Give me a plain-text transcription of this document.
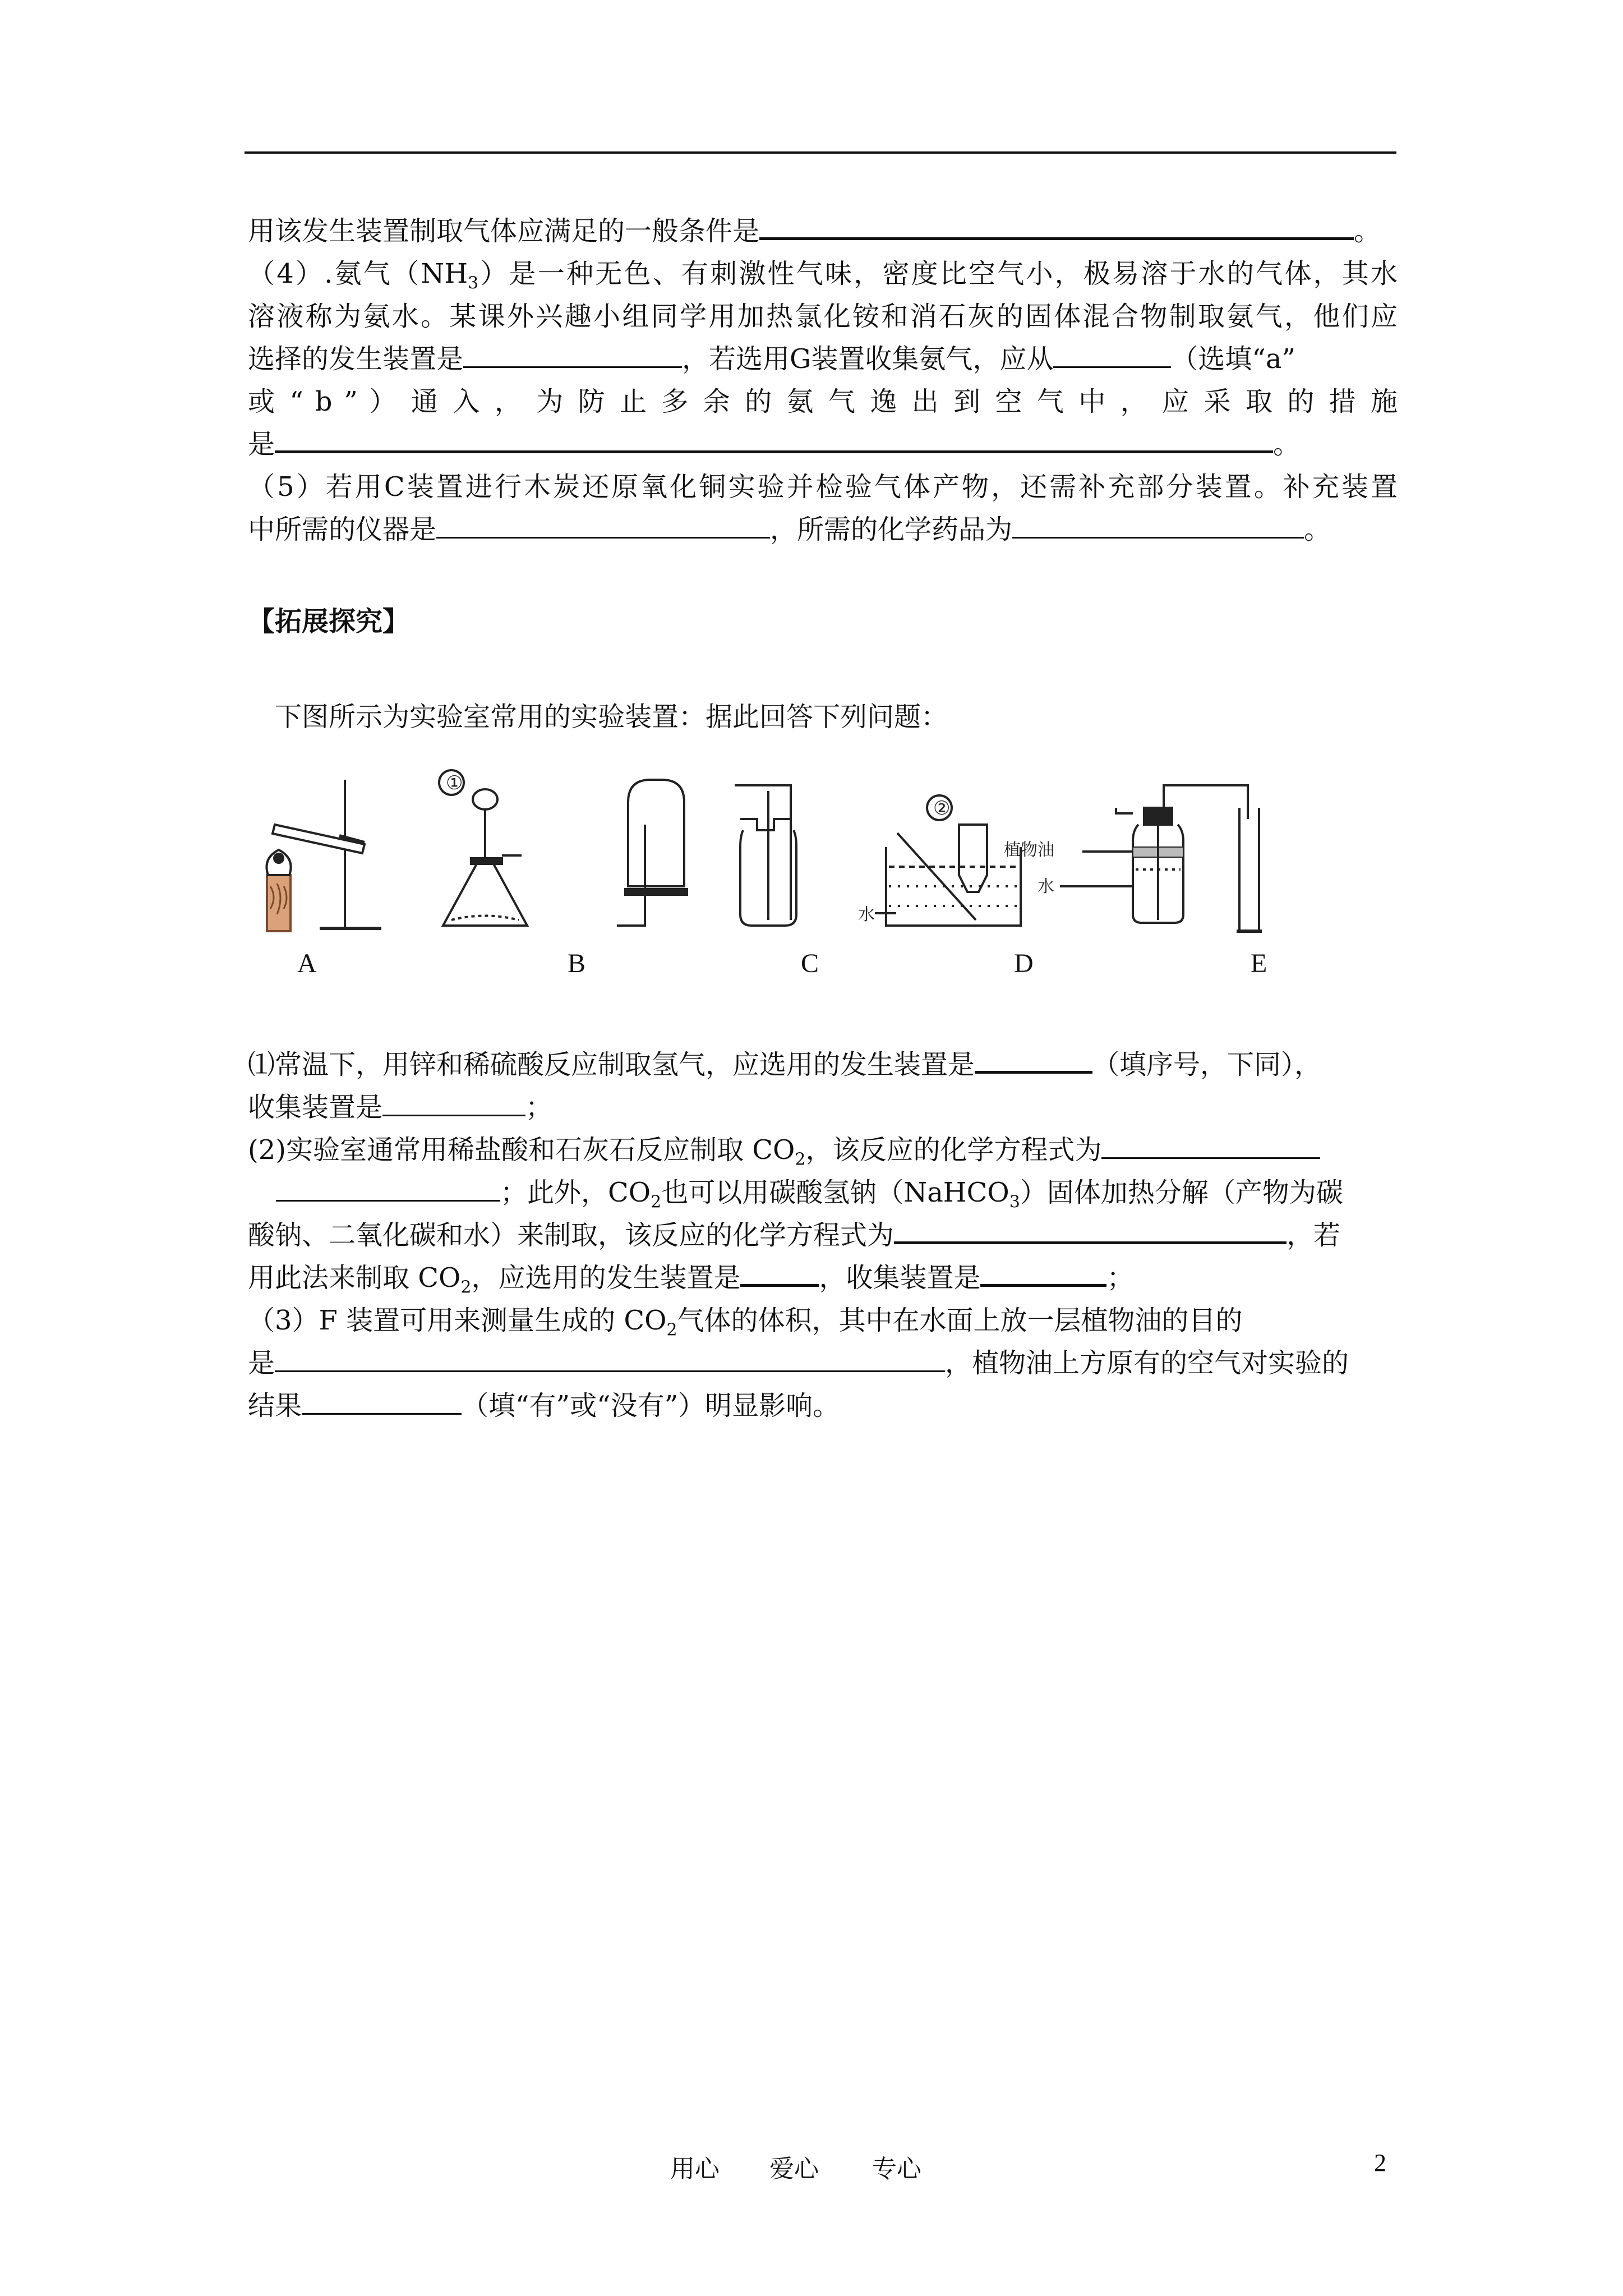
用该发生装置制取气体应满足的一般条件是	。
（4）.氨气$(NH_3)$是一种无色、有刺激性气味，密度比空气小，极易溶于水的气体，其水
溶液称为氨水。某课外兴趣小组同学用加热氯化铵和消石灰的固体混合物制取氨气，他们应
选择的发生装置是	，若选用G装置收集氨气，应从	（选填“a”
或 “ b ” ） 通 入 ， 为 防 止 多 余 的 氨 气 逸 出 到 空 气 中 ， 应 采 取 的 措 施
是	。
（5）若用C装置进行木炭还原氧化铜实验并检验气体产物，还需补充部分装置。补充装置
中所需的仪器是	，所需的化学药品为	。
【拓展探究】
下图所示为实验室常用的实验装置：据此回答下列问题：
①
②
水
植物油
水
A	B	C	D	E
⑴常温下，用锌和稀硫酸反应制取氢气，应选用的发生装置是	（填序号，下同），
收集装置是	；
(2)实验室通常用稀盐酸和石灰石反应制取 $CO_2$，该反应的化学方程式为
；此外，$CO_2$也可以用碳酸氢钠（NaHCO$_3$）固体加热分解（产物为碳
酸钠、二氧化碳和水）来制取，该反应的化学方程式为	，若
用此法来制取 $CO_2$，应选用的发生装置是	，收集装置是	；
（3）F 装置可用来测量生成的 $CO_2$气体的体积，其中在水面上放一层植物油的目的
是	，植物油上方原有的空气对实验的
结果	（填“有”或“没有”）明显影响。
用心 爱心 专心	2
